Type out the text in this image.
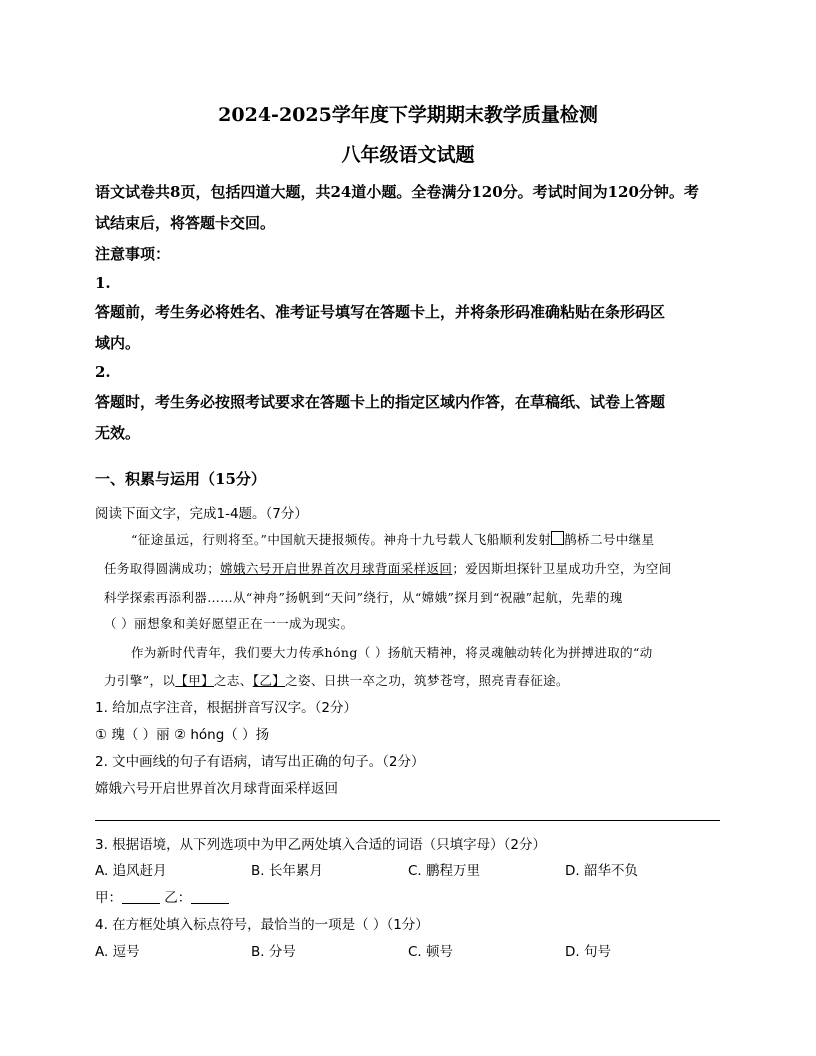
2024-2025学年度下学期期末教学质量检测
八年级语文试题
语文试卷共8页，包括四道大题，共24道小题。全卷满分120分。考试时间为120分钟。考
试结束后，将答题卡交回。
注意事项：
1.
答题前，考生务必将姓名、准考证号填写在答题卡上，并将条形码准确粘贴在条形码区
域内。
2.
答题时，考生务必按照考试要求在答题卡上的指定区域内作答，在草稿纸、试卷上答题
无效。
一、积累与运用（15分）
阅读下面文字，完成1-4题。（7分）
“征途虽远，行则将至。”中国航天捷报频传。神舟十九号载人飞船顺利发射 鹊桥二号中继星
任务取得圆满成功；嫦娥六号开启世界首次月球背面采样返回；爱因斯坦探针卫星成功升空，为空间
科学探索再添利器……从“神舟”扬帆到“天问”绕行，从“嫦娥”探月到“祝融”起航，先辈的瑰
（ ）丽想象和美好愿望正在一一成为现实。
作为新时代青年，我们要大力传承hóng（ ）扬航天精神，将灵魂触动转化为拼搏进取的“动
力引擎”，以【甲】之志、【乙】之姿、日拱一卒之功，筑梦苍穹，照亮青春征途。
1. 给加点字注音，根据拼音写汉字。（2分）
① 瑰（ ）丽 ② hóng（ ）扬
2. 文中画线的句子有语病，请写出正确的句子。（2分）
嫦娥六号开启世界首次月球背面采样返回
3. 根据语境，从下列选项中为甲乙两处填入合适的词语（只填字母）（2分）
A. 追风赶月	B. 长年累月	C. 鹏程万里	D. 韶华不负
甲：	乙：
4. 在方框处填入标点符号，最恰当的一项是（ ）（1分）
A. 逗号	B. 分号	C. 顿号	D. 句号
